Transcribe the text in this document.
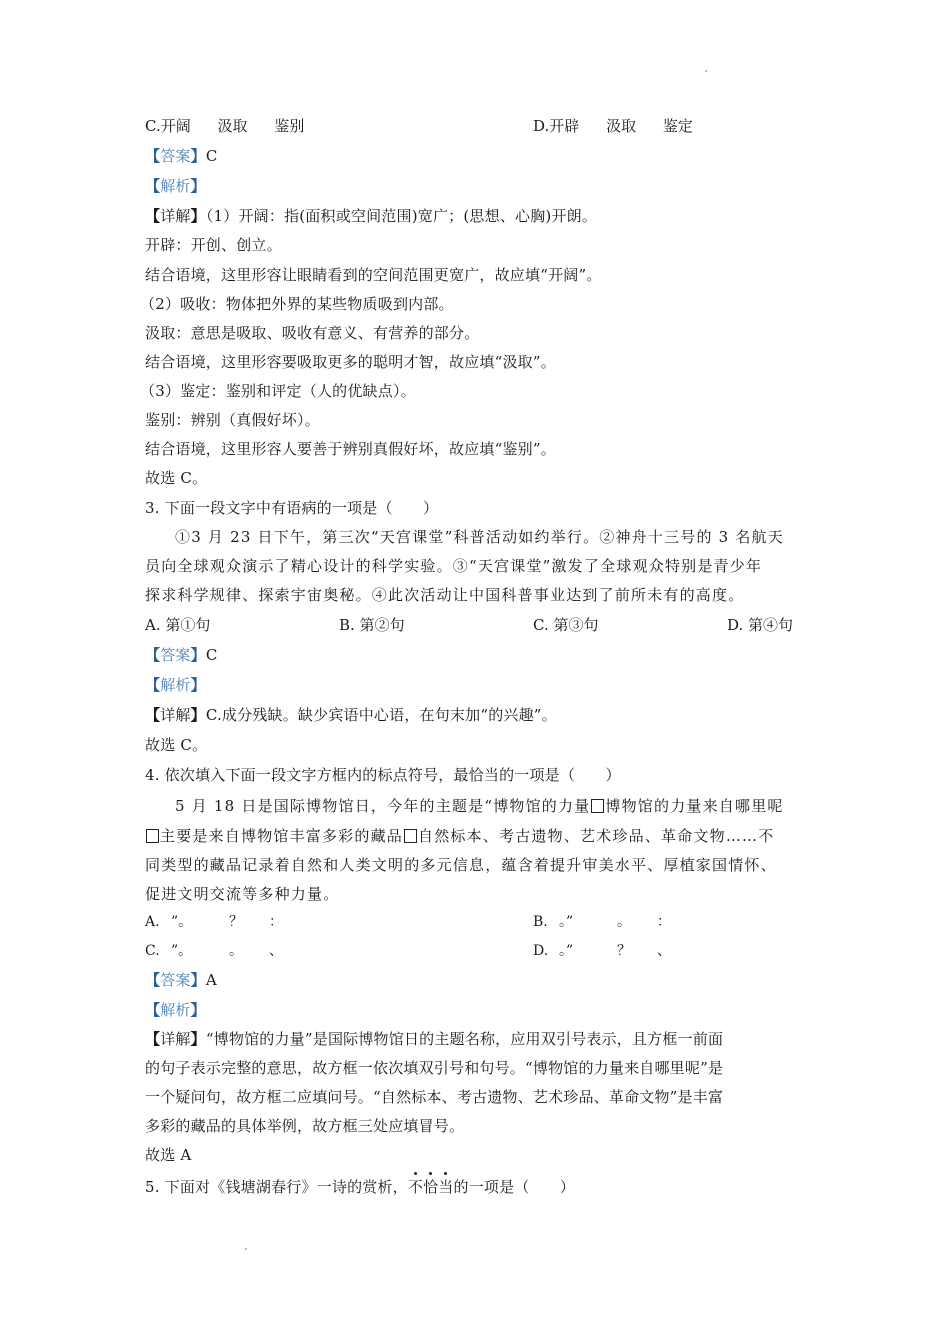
C.开阔 汲取 鉴别	D.开辟 汲取 鉴定
【答案】C
【解析】
【详解】（1）开阔：指(面积或空间范围)宽广；(思想、心胸)开朗。
开辟：开创、创立。
结合语境，这里形容让眼睛看到的空间范围更宽广，故应填“开阔”。
（2）吸收：物体把外界的某些物质吸到内部。
汲取：意思是吸取、吸收有意义、有营养的部分。
结合语境，这里形容要吸取更多的聪明才智，故应填“汲取”。
（3）鉴定：鉴别和评定（人的优缺点）。
鉴别：辨别（真假好坏）。
结合语境，这里形容人要善于辨别真假好坏，故应填“鉴别”。
故选 C。
3. 下面一段文字中有语病的一项是（　　）
①3 月 23 日下午，第三次“天宫课堂”科普活动如约举行。②神舟十三号的 3 名航天
员向全球观众演示了精心设计的科学实验。③“天宫课堂”激发了全球观众特别是青少年
探求科学规律、探索宇宙奥秘。④此次活动让中国科普事业达到了前所未有的高度。
A. 第①句	B. 第②句	C. 第③句	D. 第④句
【答案】C
【解析】
【详解】C.成分残缺。缺少宾语中心语，在句末加“的兴趣”。
故选 C。
4. 依次填入下面一段文字方框内的标点符号，最恰当的一项是（　　）
5 月 18 日是国际博物馆日，今年的主题是“博物馆的力量 博物馆的力量来自哪里呢
主要是来自博物馆丰富多彩的藏品 自然标本、考古遗物、艺术珍品、革命文物……不
同类型的藏品记录着自然和人类文明的多元信息，蕴含着提升审美水平、厚植家国情怀、
促进文明交流等多种力量。
A. ”。	？ ：	B. 。”	。 ：
C. ”。	。 、	D. 。”	？ 、
【答案】A
【解析】
【详解】“博物馆的力量”是国际博物馆日的主题名称，应用双引号表示，且方框一前面
的句子表示完整的意思，故方框一依次填双引号和句号。“博物馆的力量来自哪里呢”是
一个疑问句，故方框二应填问号。“自然标本、考古遗物、艺术珍品、革命文物”是丰富
多彩的藏品的具体举例，故方框三处应填冒号。
故选 A
5. 下面对《钱塘湖春行》一诗的赏析，不恰当的一项是（　　）
